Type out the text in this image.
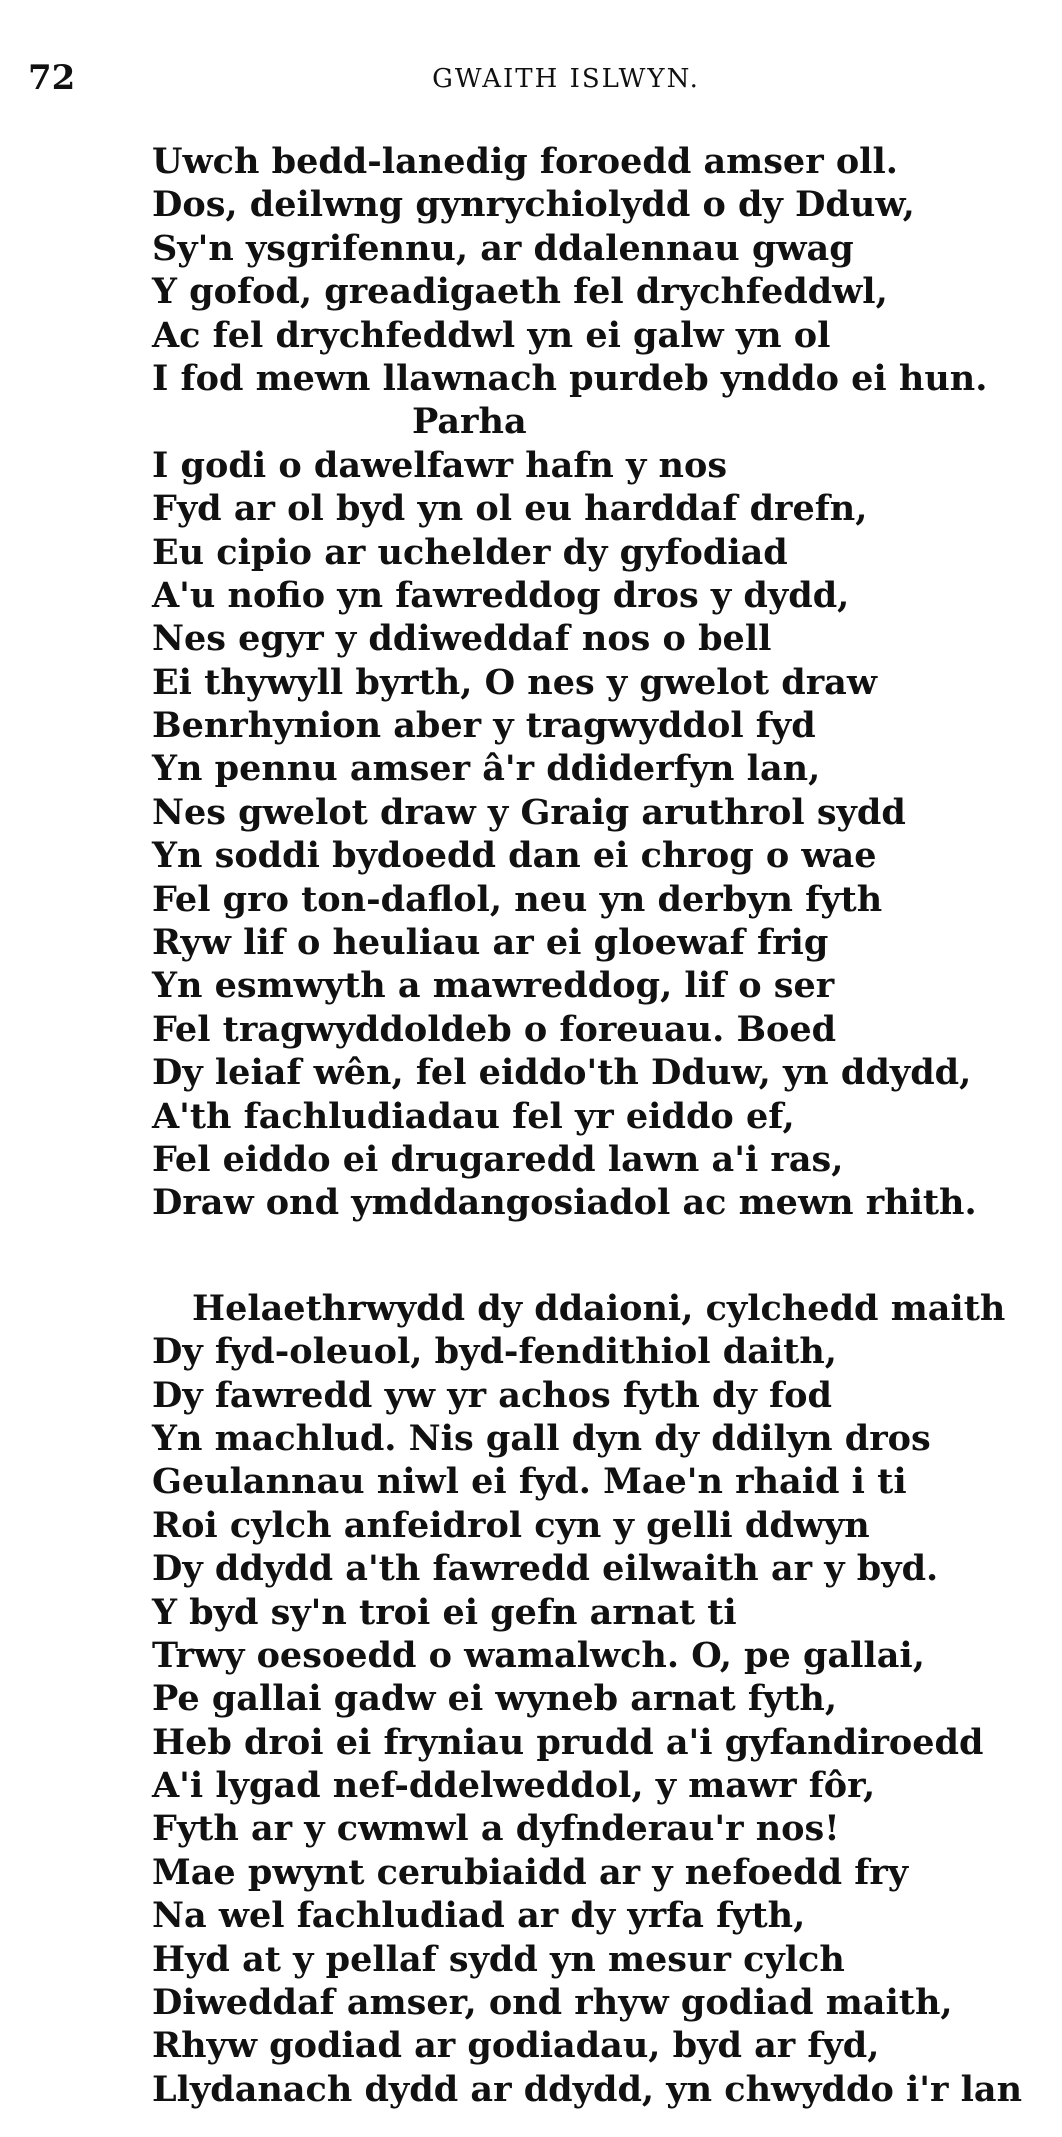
72	GWAITH ISLWYN.
Uwch bedd-lanedig foroedd amser oll.
Dos, deilwng gynrychiolydd o dy Dduw,
Sy'n ysgrifennu, ar ddalennau gwag
Y gofod, greadigaeth fel drychfeddwl,
Ac fel drychfeddwl yn ei galw yn ol
I fod mewn llawnach purdeb ynddo ei hun.
Parha
I godi o dawelfawr hafn y nos
Fyd ar ol byd yn ol eu harddaf drefn,
Eu cipio ar uchelder dy gyfodiad
A'u nofio yn fawreddog dros y dydd,
Nes egyr y ddiweddaf nos o bell
Ei thywyll byrth, O nes y gwelot draw
Benrhynion aber y tragwyddol fyd
Yn pennu amser â'r ddiderfyn lan,
Nes gwelot draw y Graig aruthrol sydd
Yn soddi bydoedd dan ei chrog o wae
Fel gro ton-daflol, neu yn derbyn fyth
Ryw lif o heuliau ar ei gloewaf frig
Yn esmwyth a mawreddog, lif o ser
Fel tragwyddoldeb o foreuau. Boed
Dy leiaf wên, fel eiddo'th Dduw, yn ddydd,
A'th fachludiadau fel yr eiddo ef,
Fel eiddo ei drugaredd lawn a'i ras,
Draw ond ymddangosiadol ac mewn rhith.
Helaethrwydd dy ddaioni, cylchedd maith
Dy fyd-oleuol, byd-fendithiol daith,
Dy fawredd yw yr achos fyth dy fod
Yn machlud. Nis gall dyn dy ddilyn dros
Geulannau niwl ei fyd. Mae'n rhaid i ti
Roi cylch anfeidrol cyn y gelli ddwyn
Dy ddydd a'th fawredd eilwaith ar y byd.
Y byd sy'n troi ei gefn arnat ti
Trwy oesoedd o wamalwch. O, pe gallai,
Pe gallai gadw ei wyneb arnat fyth,
Heb droi ei fryniau prudd a'i gyfandiroedd
A'i lygad nef-ddelweddol, y mawr fôr,
Fyth ar y cwmwl a dyfnderau'r nos!
Mae pwynt cerubiaidd ar y nefoedd fry
Na wel fachludiad ar dy yrfa fyth,
Hyd at y pellaf sydd yn mesur cylch
Diweddaf amser, ond rhyw godiad maith,
Rhyw godiad ar godiadau, byd ar fyd,
Llydanach dydd ar ddydd, yn chwyddo i'r lan
